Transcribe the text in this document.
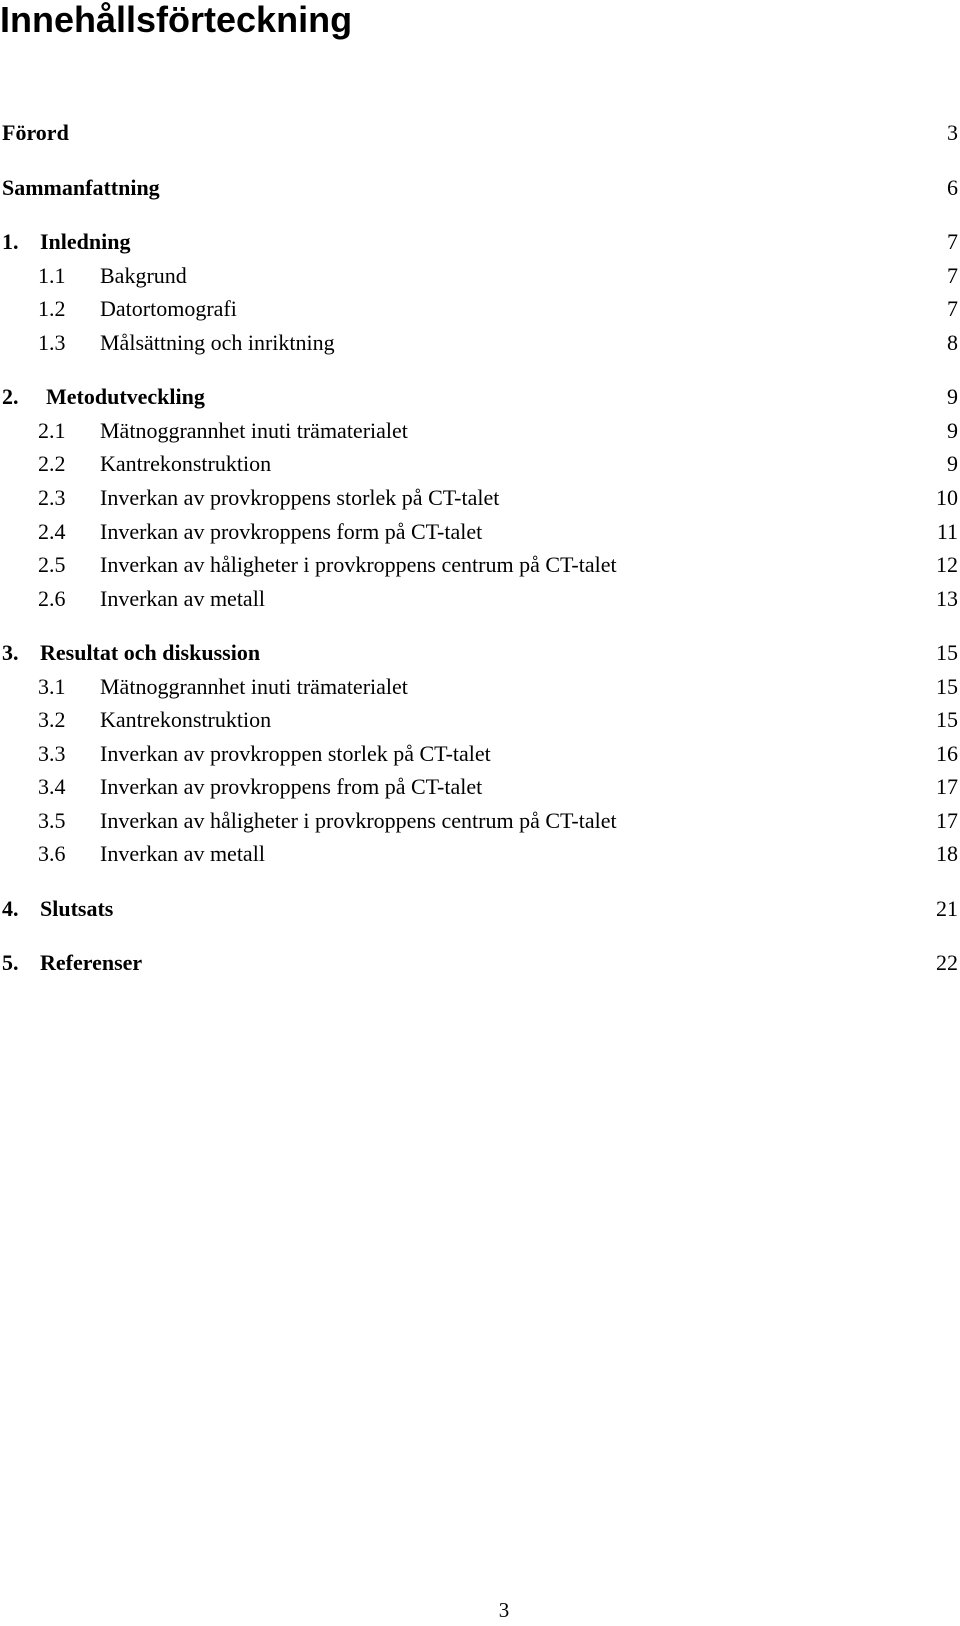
Innehållsförteckning
Förord	3
Sammanfattning	6
1. Inledning	7
1.1 Bakgrund	7
1.2 Datortomografi	7
1.3 Målsättning och inriktning	8
2. Metodutveckling	9
2.1 Mätnoggrannhet inuti trämaterialet	9
2.2 Kantrekonstruktion	9
2.3 Inverkan av provkroppens storlek på CT-talet	10
2.4 Inverkan av provkroppens form på CT-talet	11
2.5 Inverkan av håligheter i provkroppens centrum på CT-talet	12
2.6 Inverkan av metall	13
3. Resultat och diskussion	15
3.1 Mätnoggrannhet inuti trämaterialet	15
3.2 Kantrekonstruktion	15
3.3 Inverkan av provkroppen storlek på CT-talet	16
3.4 Inverkan av provkroppens from på CT-talet	17
3.5 Inverkan av håligheter i provkroppens centrum på CT-talet	17
3.6 Inverkan av metall	18
4. Slutsats	21
5. Referenser	22
3
